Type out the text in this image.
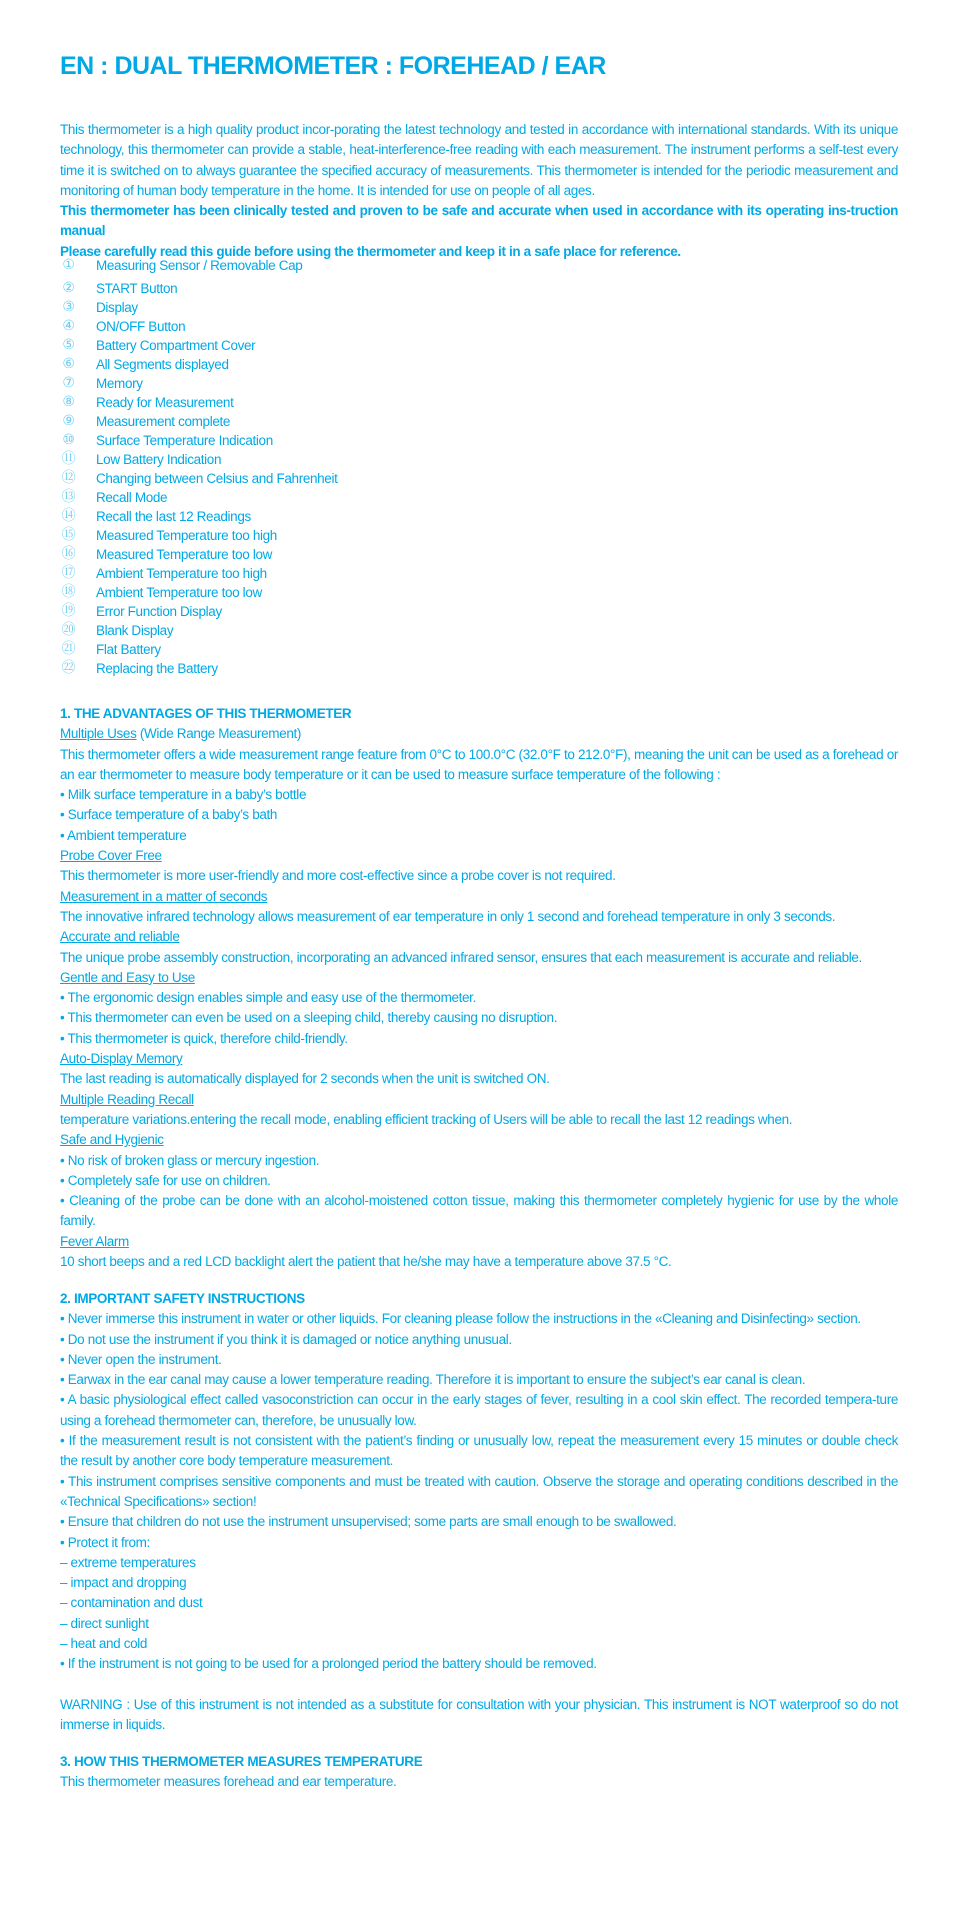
EN : DUAL THERMOMETER : FOREHEAD / EAR

This thermometer is a high quality product incor-porating the latest technology and tested in accordance with international standards. With its unique technology, this thermometer can provide a stable, heat-interference-free reading with each measurement. The instrument performs a self-test every time it is switched on to always guarantee the specified accuracy of measurements. This thermometer is intended for the periodic measurement and monitoring of human body temperature in the home. It is intended for use on people of all ages.

This thermometer has been clinically tested and proven to be safe and accurate when used in accordance with its operating ins-truction manual

Please carefully read this guide before using the thermometer and keep it in a safe place for reference.

① Measuring Sensor / Removable Cap
② START Button
③ Display
④ ON/OFF Button
⑤ Battery Compartment Cover
⑥ All Segments displayed
⑦ Memory
⑧ Ready for Measurement
⑨ Measurement complete
⑩ Surface Temperature Indication
⑪ Low Battery Indication
⑫ Changing between Celsius and Fahrenheit
⑬ Recall Mode
⑭ Recall the last 12 Readings
⑮ Measured Temperature too high
⑯ Measured Temperature too low
⑰ Ambient Temperature too high
⑱ Ambient Temperature too low
⑲ Error Function Display
⑳ Blank Display
㉑ Flat Battery
㉒ Replacing the Battery

1. THE ADVANTAGES OF THIS THERMOMETER

Multiple Uses (Wide Range Measurement)

This thermometer offers a wide measurement range feature from 0°C to 100.0°C (32.0°F to 212.0°F), meaning the unit can be used as a forehead or an ear thermometer to measure body temperature or it can be used to measure surface temperature of the following :

• Milk surface temperature in a baby’s bottle

• Surface temperature of a baby’s bath

• Ambient temperature

Probe Cover Free

This thermometer is more user-friendly and more cost-effective since a probe cover is not required.

Measurement in a matter of seconds

The innovative infrared technology allows measurement of ear temperature in only 1 second and forehead temperature in only 3 seconds.

Accurate and reliable

The unique probe assembly construction, incorporating an advanced infrared sensor, ensures that each measurement is accurate and reliable.

Gentle and Easy to Use

• The ergonomic design enables simple and easy use of the thermometer.

• This thermometer can even be used on a sleeping child, thereby causing no disruption.

• This thermometer is quick, therefore child-friendly.

Auto-Display Memory

The last reading is automatically displayed for 2 seconds when the unit is switched ON.

Multiple Reading Recall

temperature variations.entering the recall mode, enabling efficient tracking of Users will be able to recall the last 12 readings when.

Safe and Hygienic

• No risk of broken glass or mercury ingestion.

• Completely safe for use on children.

• Cleaning of the probe can be done with an alcohol-moistened cotton tissue, making this thermometer completely hygienic for use by the whole family.

Fever Alarm

10 short beeps and a red LCD backlight alert the patient that he/she may have a temperature above 37.5 °C.

2. IMPORTANT SAFETY INSTRUCTIONS

• Never immerse this instrument in water or other liquids. For cleaning please follow the instructions in the «Cleaning and Disinfecting» section.

• Do not use the instrument if you think it is damaged or notice anything unusual.

• Never open the instrument.

• Earwax in the ear canal may cause a lower temperature reading. Therefore it is important to ensure the subject’s ear canal is clean.

• A basic physiological effect called vasoconstriction can occur in the early stages of fever, resulting in a cool skin effect. The recorded tempera-ture using a forehead thermometer can, therefore, be unusually low.

• If the measurement result is not consistent with the patient’s finding or unusually low, repeat the measurement every 15 minutes or double check the result by another core body temperature measurement.

• This instrument comprises sensitive components and must be treated with caution. Observe the storage and operating conditions described in the «Technical Specifications» section!

• Ensure that children do not use the instrument unsupervised; some parts are small enough to be swallowed.

• Protect it from:

– extreme temperatures

– impact and dropping

– contamination and dust

– direct sunlight

– heat and cold

• If the instrument is not going to be used for a prolonged period the battery should be removed.

WARNING : Use of this instrument is not intended as a substitute for consultation with your physician. This instrument is NOT waterproof so do not immerse in liquids.

3. HOW THIS THERMOMETER MEASURES TEMPERATURE

This thermometer measures forehead and ear temperature.
